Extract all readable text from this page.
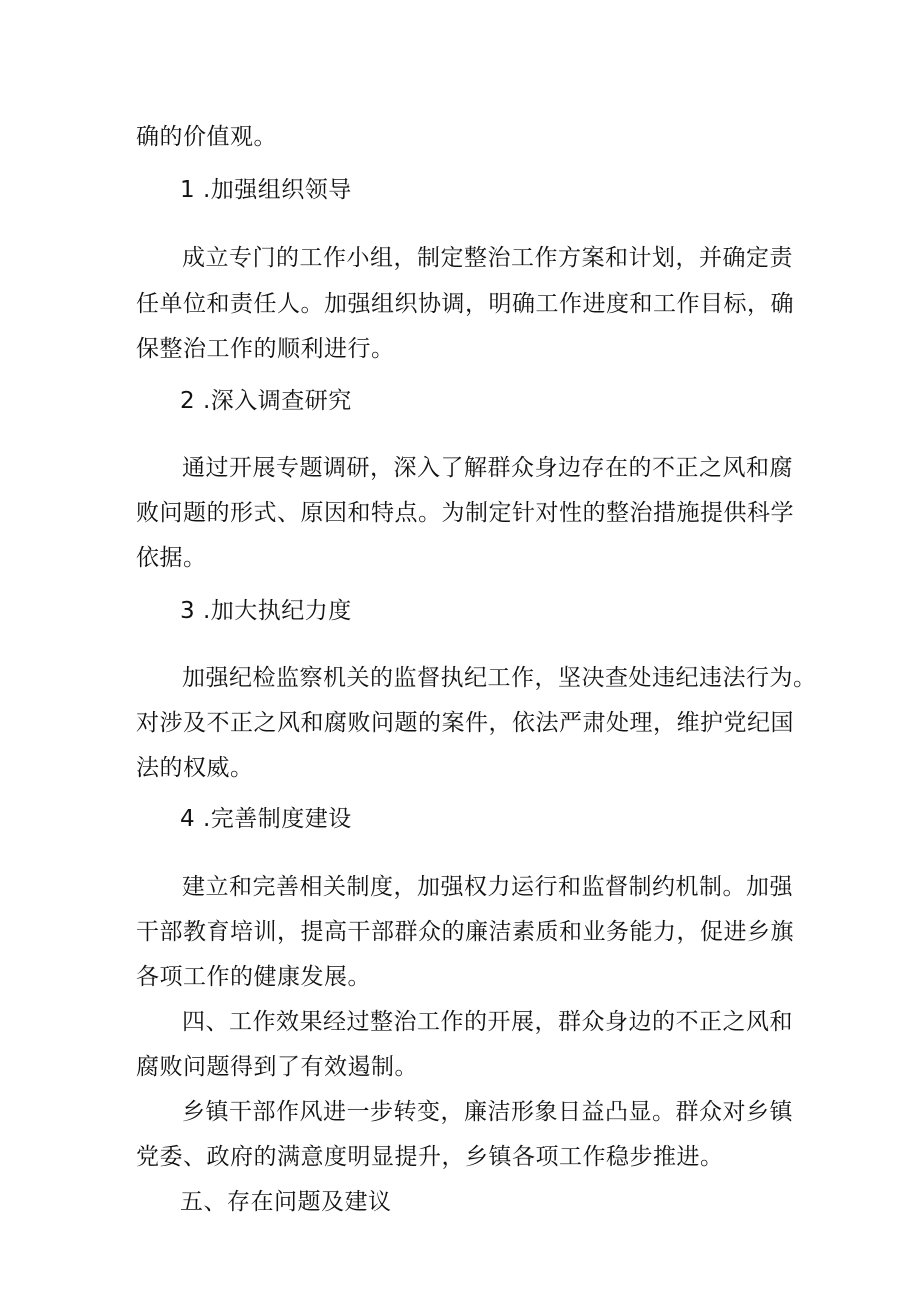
确的价值观。
1 .加强组织领导
成立专门的工作小组，制定整治工作方案和计划，并确定责
任单位和责任人。加强组织协调，明确工作进度和工作目标，确
保整治工作的顺利进行。
2 .深入调查研究
通过开展专题调研，深入了解群众身边存在的不正之风和腐
败问题的形式、原因和特点。为制定针对性的整治措施提供科学
依据。
3 .加大执纪力度
加强纪检监察机关的监督执纪工作，坚决查处违纪违法行为。
对涉及不正之风和腐败问题的案件，依法严肃处理，维护党纪国
法的权威。
4 .完善制度建设
建立和完善相关制度，加强权力运行和监督制约机制。加强
干部教育培训，提高干部群众的廉洁素质和业务能力，促进乡旗
各项工作的健康发展。
四、工作效果经过整治工作的开展，群众身边的不正之风和
腐败问题得到了有效遏制。
乡镇干部作风进一步转变，廉洁形象日益凸显。群众对乡镇
党委、政府的满意度明显提升，乡镇各项工作稳步推进。
五、存在问题及建议
